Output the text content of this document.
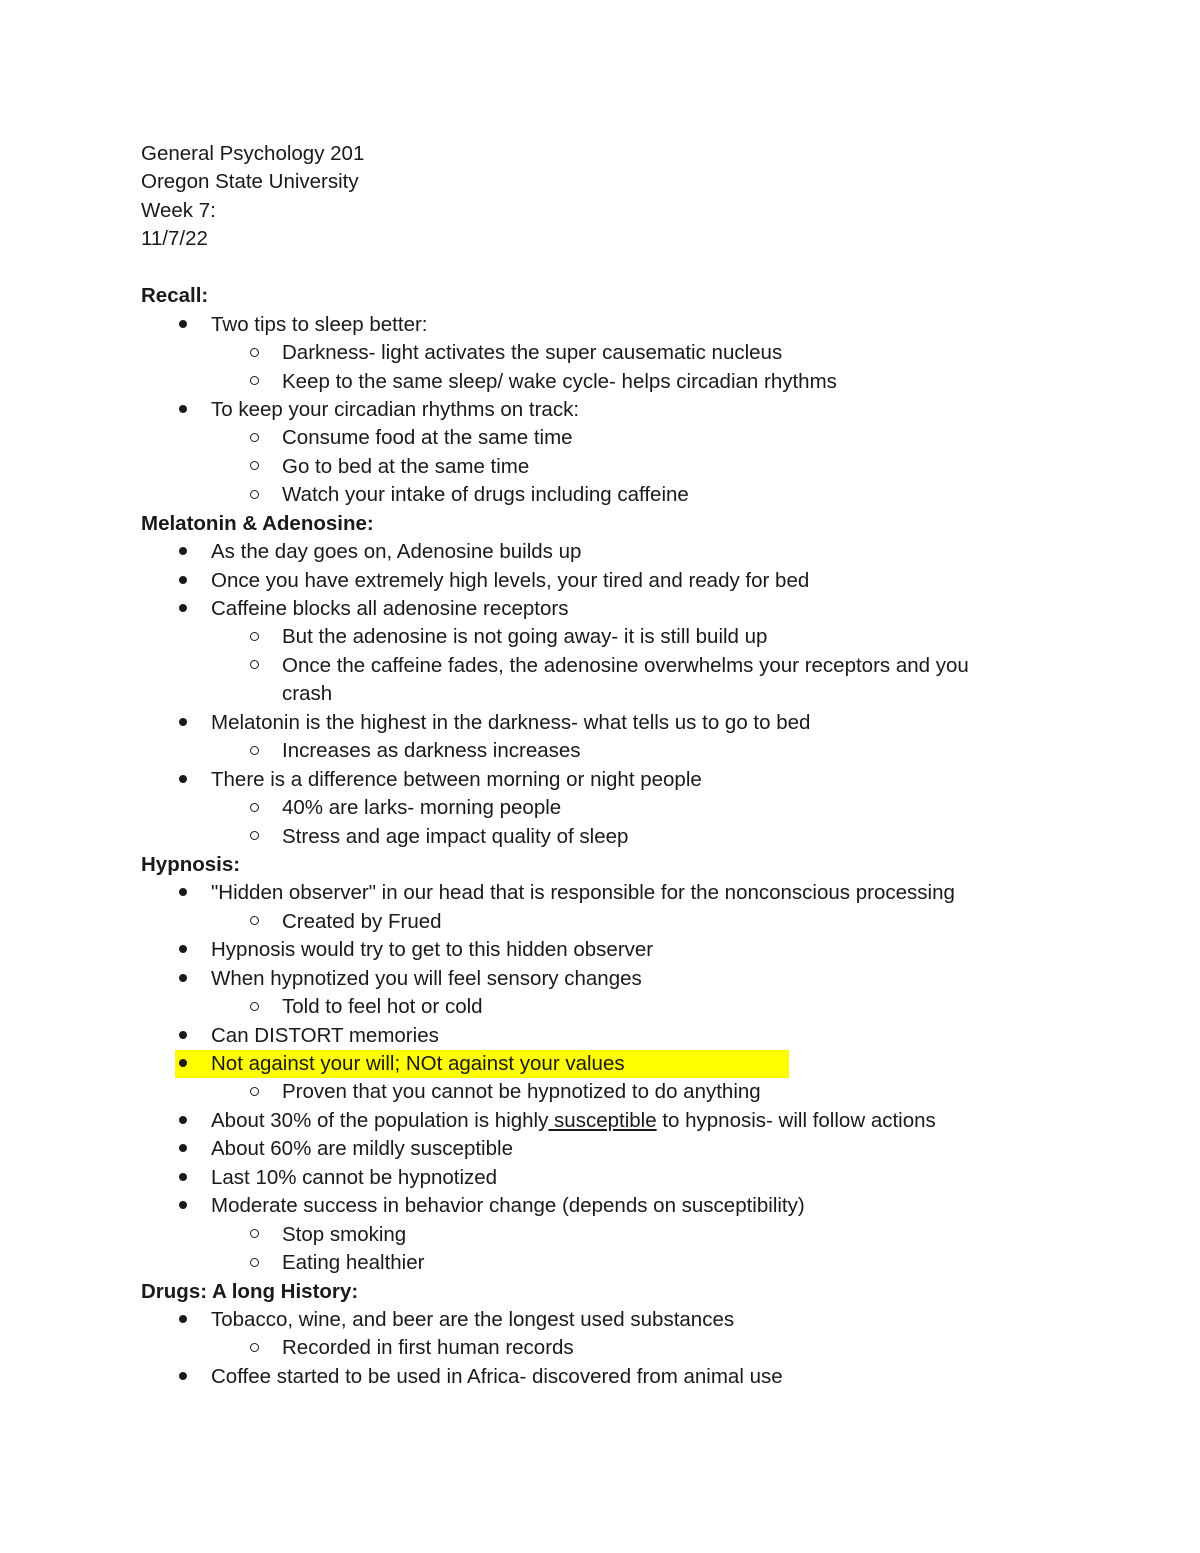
General Psychology 201
Oregon State University
Week 7:
11/7/22
Recall:
Two tips to sleep better:
Darkness- light activates the super causematic nucleus
Keep to the same sleep/ wake cycle- helps circadian rhythms
To keep your circadian rhythms on track:
Consume food at the same time
Go to bed at the same time
Watch your intake of drugs including caffeine
Melatonin & Adenosine:
As the day goes on, Adenosine builds up
Once you have extremely high levels, your tired and ready for bed
Caffeine blocks all adenosine receptors
But the adenosine is not going away- it is still build up
Once the caffeine fades, the adenosine overwhelms your receptors and you crash
Melatonin is the highest in the darkness- what tells us to go to bed
Increases as darkness increases
There is a difference between morning or night people
40% are larks- morning people
Stress and age impact quality of sleep
Hypnosis:
"Hidden observer" in our head that is responsible for the nonconscious processing
Created by Frued
Hypnosis would try to get to this hidden observer
When hypnotized you will feel sensory changes
Told to feel hot or cold
Can DISTORT memories
Not against your will; NOt against your values
Proven that you cannot be hypnotized to do anything
About 30% of the population is highly susceptible to hypnosis- will follow actions
About 60% are mildly susceptible
Last 10% cannot be hypnotized
Moderate success in behavior change (depends on susceptibility)
Stop smoking
Eating healthier
Drugs: A long History:
Tobacco, wine, and beer are the longest used substances
Recorded in first human records
Coffee started to be used in Africa- discovered from animal use
